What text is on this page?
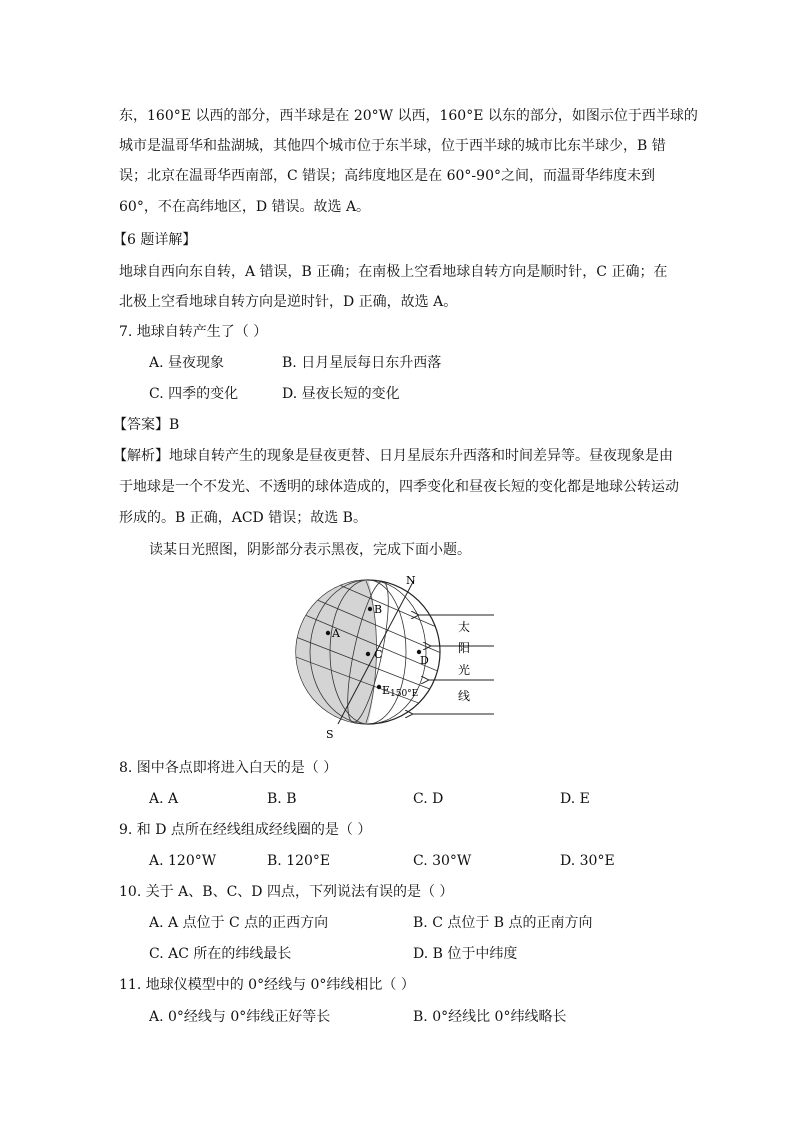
东，160°E 以西的部分，西半球是在 20°W 以西，160°E 以东的部分，如图示位于西半球的
城市是温哥华和盐湖城，其他四个城市位于东半球，位于西半球的城市比东半球少，B 错
误；北京在温哥华西南部，C 错误；高纬度地区是在 60°-90°之间，而温哥华纬度未到
60°，不在高纬地区，D 错误。故选 A。
【6 题详解】
地球自西向东自转，A 错误，B 正确；在南极上空看地球自转方向是顺时针，C 正确；在
北极上空看地球自转方向是逆时针，D 正确，故选 A。
7. 地球自转产生了（ ）
A. 昼夜现象	B. 日月星辰每日东升西落
C. 四季的变化	D. 昼夜长短的变化
【答案】B
【解析】地球自转产生的现象是昼夜更替、日月星辰东升西落和时间差异等。昼夜现象是由
于地球是一个不发光、不透明的球体造成的，四季变化和昼夜长短的变化都是地球公转运动
形成的。B 正确，ACD 错误；故选 B。
读某日光照图，阴影部分表示黑夜，完成下面小题。
N
S
A
B
C	D
E 150°E
太
阳
光
线
8. 图中各点即将进入白天的是（ ）
A. A	B. B	C. D	D. E
9. 和 D 点所在经线组成经线圈的是（ ）
A. 120°W	B. 120°E	C. 30°W	D. 30°E
10. 关于 A、B、C、D 四点，下列说法有误的是（ ）
A. A 点位于 C 点的正西方向	B. C 点位于 B 点的正南方向
C. AC 所在的纬线最长	D. B 位于中纬度
11. 地球仪模型中的 0°经线与 0°纬线相比（ ）
A. 0°经线与 0°纬线正好等长	B. 0°经线比 0°纬线略长
